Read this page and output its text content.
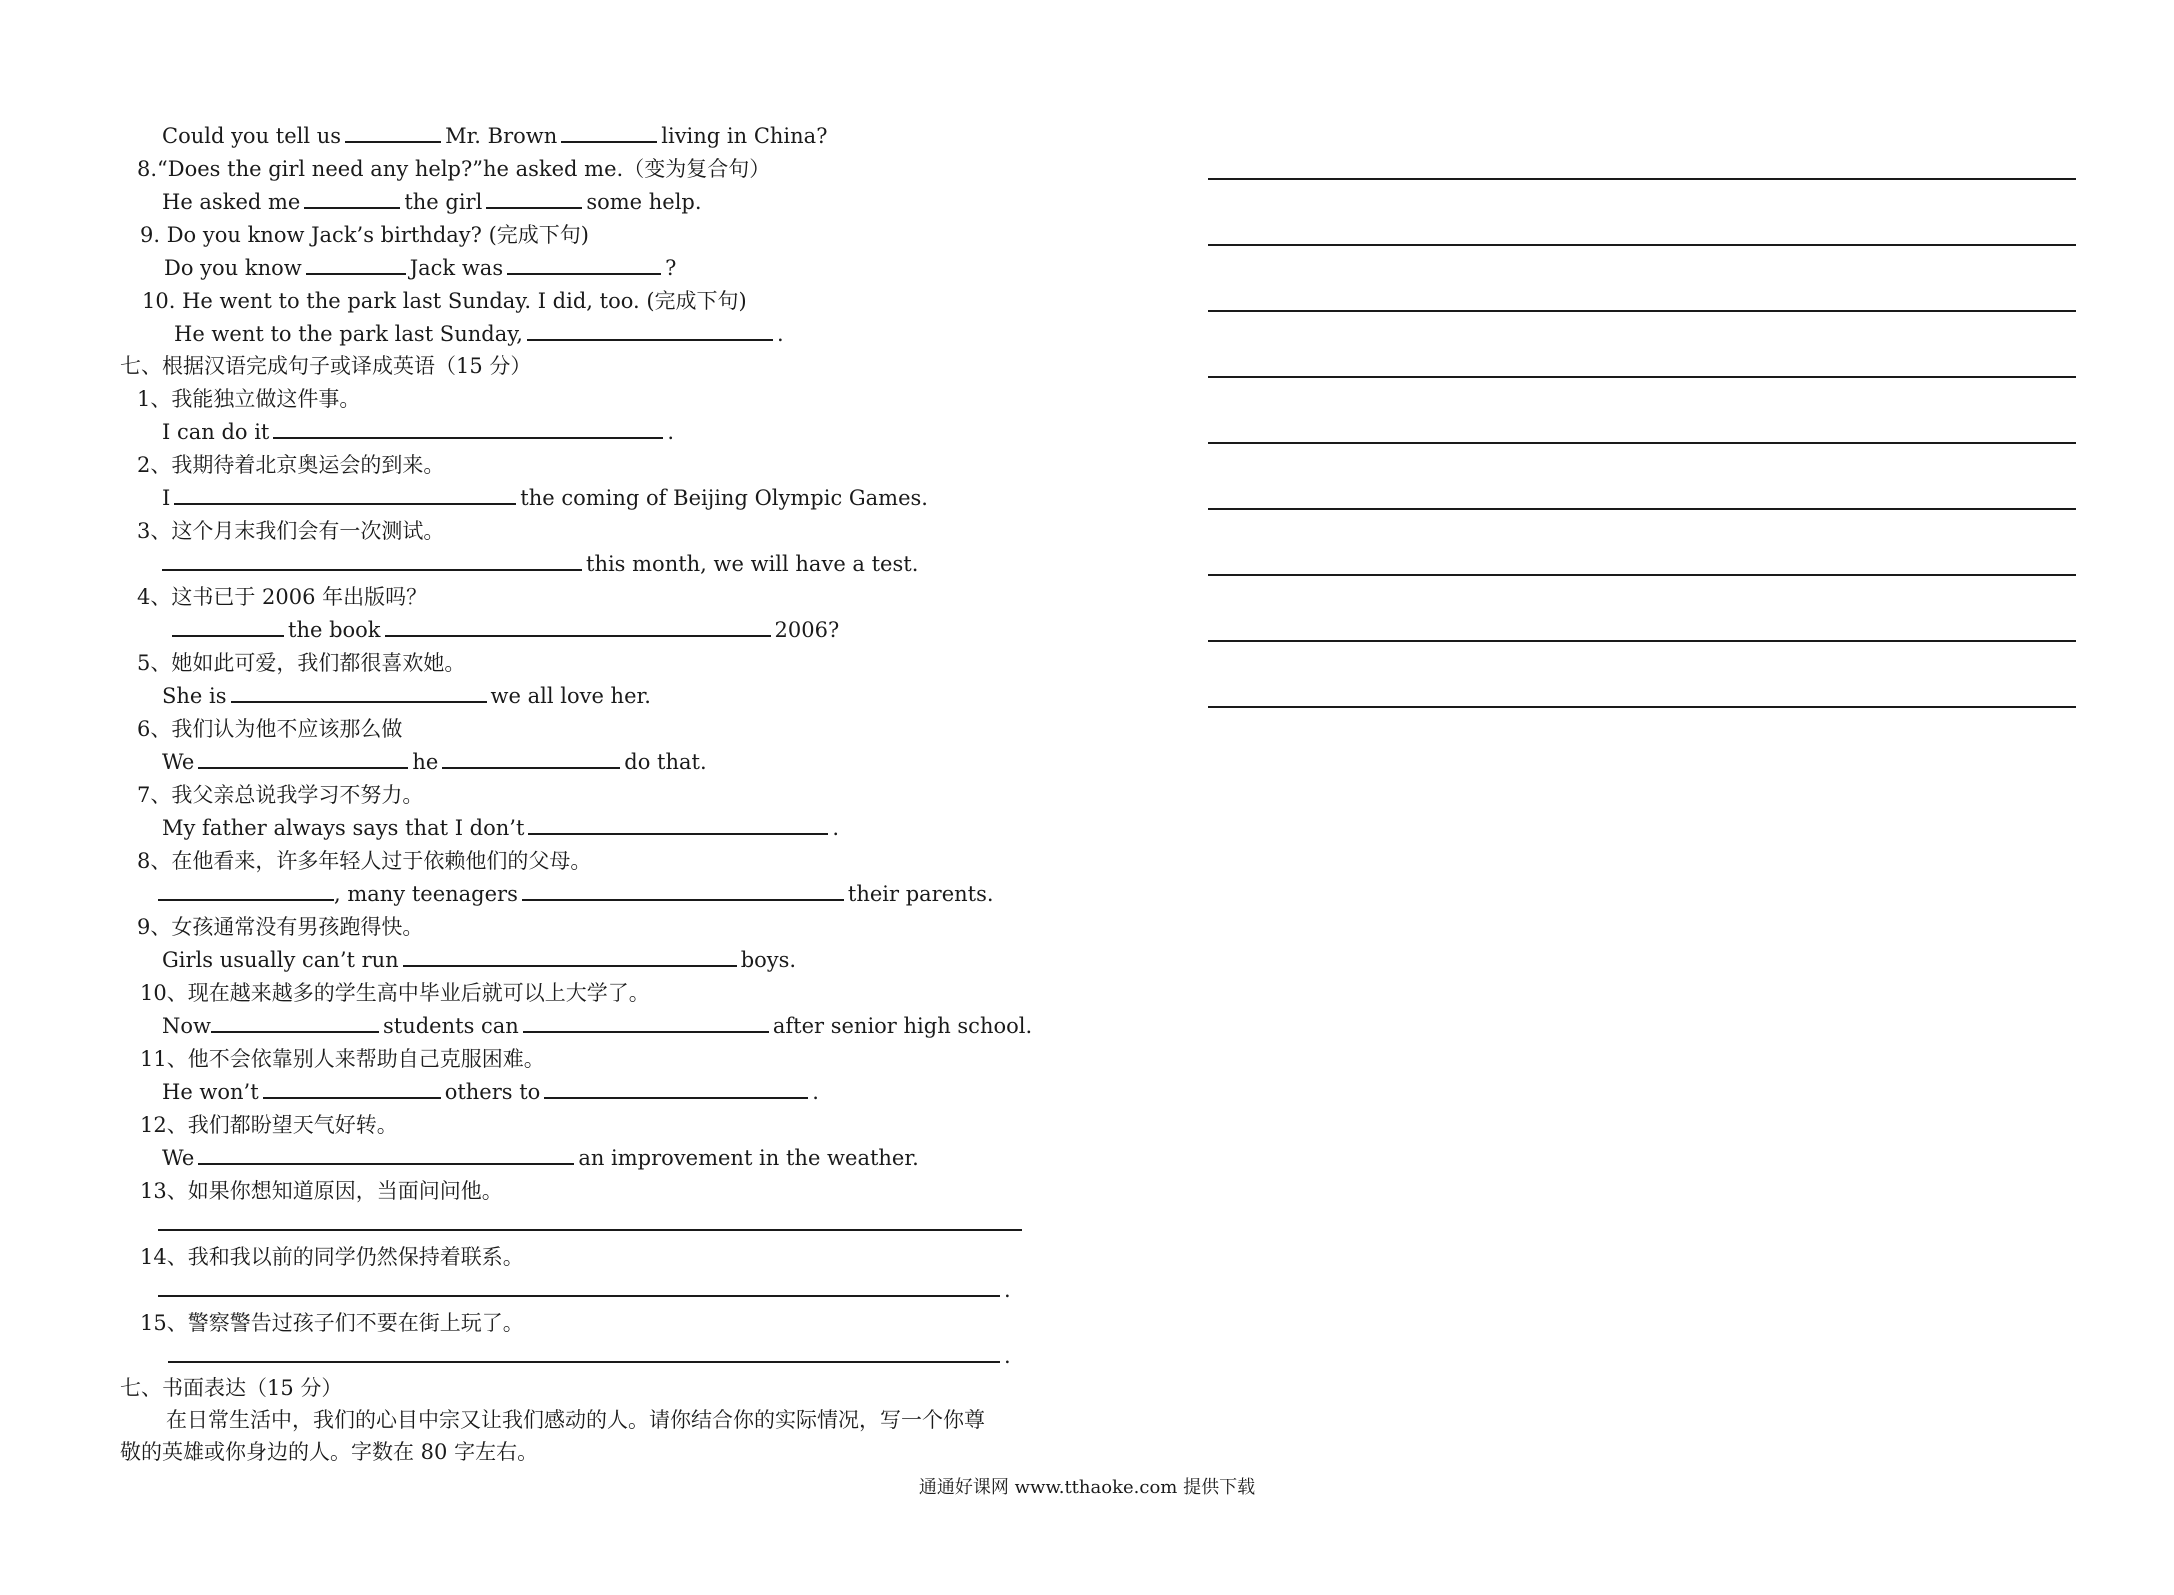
Could you tell us	Mr. Brown	living in China?
8.“Does the girl need any help?”he asked me.（变为复合句）
He asked me	the girl	some help.
9. Do you know Jack’s birthday? (完成下句)
Do you know	Jack was	?
10. He went to the park last Sunday. I did, too. (完成下句)
He went to the park last Sunday,	.
七、根据汉语完成句子或译成英语（15 分）
1、我能独立做这件事。
I can do it	.
2、我期待着北京奥运会的到来。
I	the coming of Beijing Olympic Games.
3、这个月末我们会有一次测试。
this month, we will have a test.
4、这书已于 2006 年出版吗？
the book	2006?
5、她如此可爱，我们都很喜欢她。
She is	we all love her.
6、我们认为他不应该那么做
We	he	do that.
7、我父亲总说我学习不努力。
My father always says that I don’t	.
8、在他看来，许多年轻人过于依赖他们的父母。
, many teenagers	their parents.
9、女孩通常没有男孩跑得快。
Girls usually can’t run	boys.
10、现在越来越多的学生高中毕业后就可以上大学了。
Now	students can	after senior high school.
11、他不会依靠别人来帮助自己克服困难。
He won’t	others to	.
12、我们都盼望天气好转。
We	an improvement in the weather.
13、如果你想知道原因，当面问问他。
14、我和我以前的同学仍然保持着联系。
.
15、警察警告过孩子们不要在街上玩了。
.
七、书面表达（15 分）
在日常生活中，我们的心目中宗又让我们感动的人。请你结合你的实际情况，写一个你尊
敬的英雄或你身边的人。字数在 80 字左右。
通通好课网 www.tthaoke.com 提供下载
